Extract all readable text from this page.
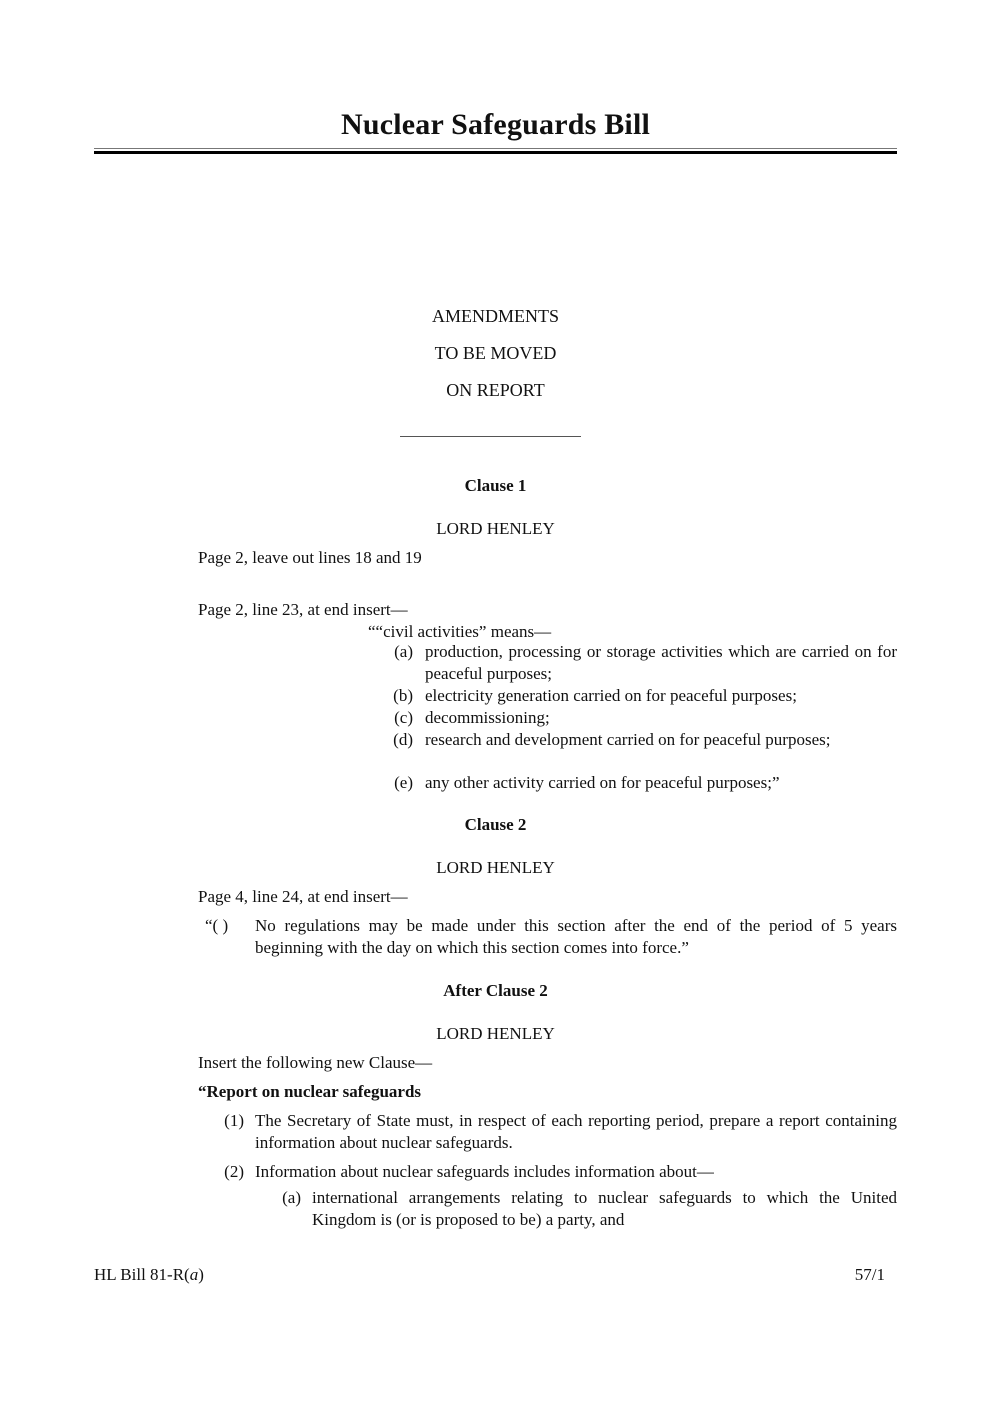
Nuclear Safeguards Bill
AMENDMENTS
TO BE MOVED
ON REPORT
Clause 1
LORD HENLEY
Page 2, leave out lines 18 and 19
Page 2, line 23, at end insert—
““civil activities” means—
(a) production, processing or storage activities which are carried on for peaceful purposes;
(b) electricity generation carried on for peaceful purposes;
(c) decommissioning;
(d) research and development carried on for peaceful purposes;
(e) any other activity carried on for peaceful purposes;”
Clause 2
LORD HENLEY
Page 4, line 24, at end insert—
“( )	No regulations may be made under this section after the end of the period of 5 years beginning with the day on which this section comes into force.”
After Clause 2
LORD HENLEY
Insert the following new Clause—
“Report on nuclear safeguards
(1) The Secretary of State must, in respect of each reporting period, prepare a report containing information about nuclear safeguards.
(2) Information about nuclear safeguards includes information about—
(a) international arrangements relating to nuclear safeguards to which the United Kingdom is (or is proposed to be) a party, and
HL Bill 81-R(a)	57/1
